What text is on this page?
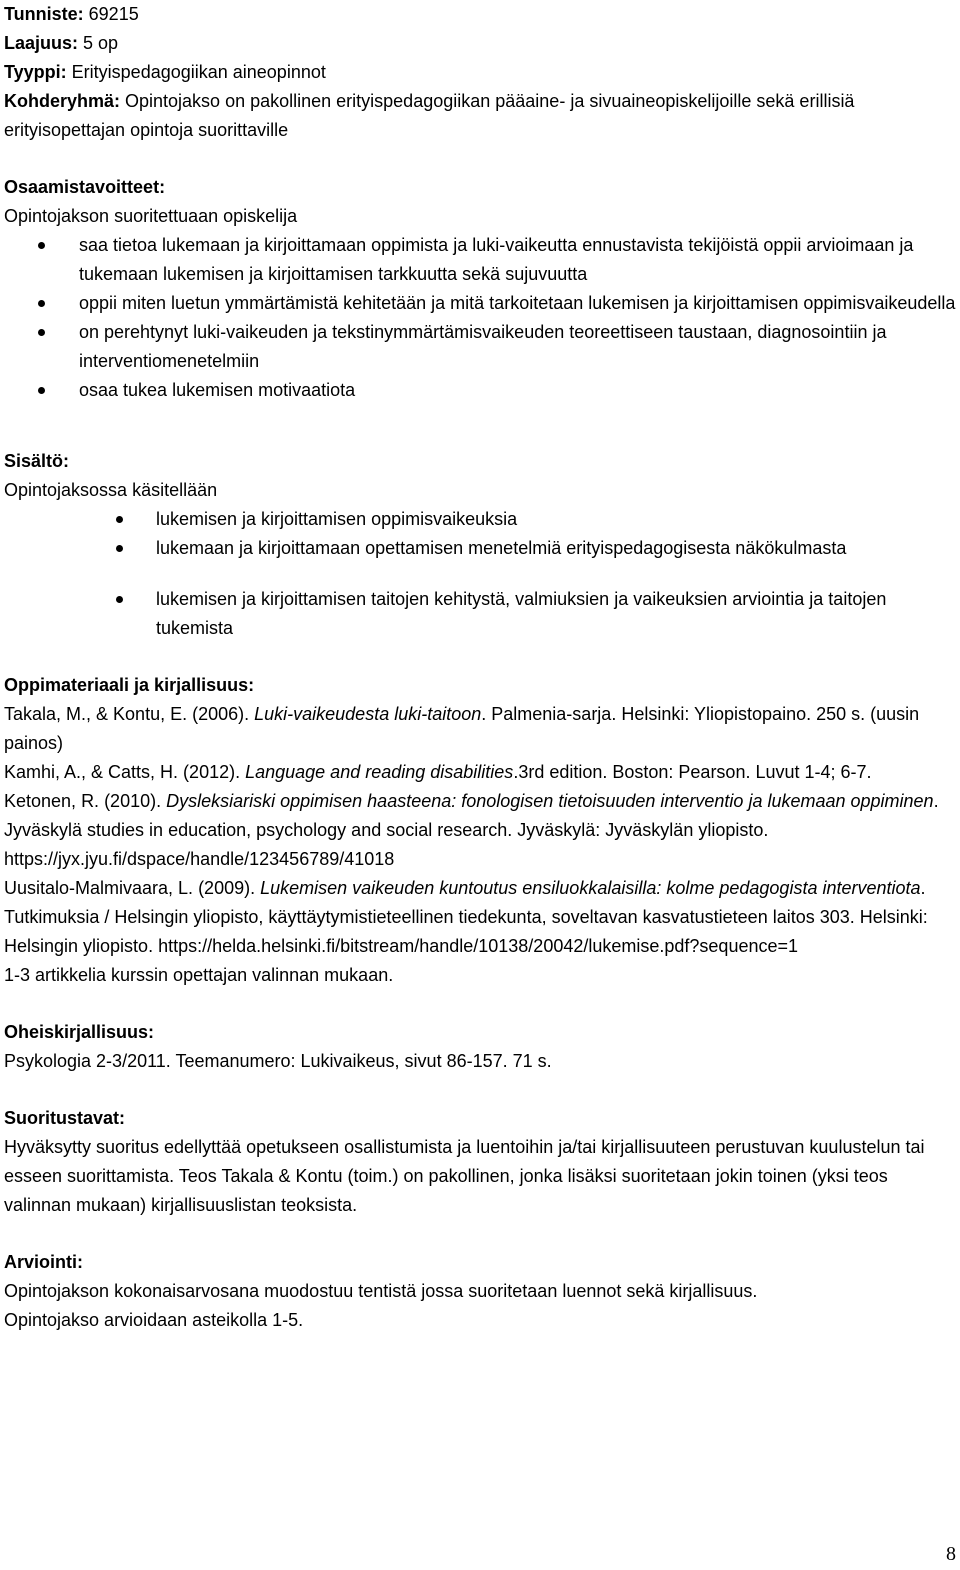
Tunniste: 69215

Laajuus: 5 op

Tyyppi: Erityispedagogiikan aineopinnot

Kohderyhmä: Opintojakso on pakollinen erityispedagogiikan pääaine- ja sivuaineopiskelijoille sekä erillisiä erityisopettajan opintoja suorittaville

Osaamistavoitteet:

Opintojakson suoritettuaan opiskelija

saa tietoa lukemaan ja kirjoittamaan oppimista ja luki-vaikeutta ennustavista tekijöistä oppii arvioimaan ja tukemaan lukemisen ja kirjoittamisen tarkkuutta sekä sujuvuutta
oppii miten luetun ymmärtämistä kehitetään ja mitä tarkoitetaan lukemisen ja kirjoittamisen oppimisvaikeudella
on perehtynyt luki-vaikeuden ja tekstinymmärtämisvaikeuden teoreettiseen taustaan, diagnosointiin ja interventiomenetelmiin
osaa tukea lukemisen motivaatiota

Sisältö:

Opintojaksossa käsitellään

lukemisen ja kirjoittamisen oppimisvaikeuksia
lukemaan ja kirjoittamaan opettamisen menetelmiä erityispedagogisesta näkökulmasta
lukemisen ja kirjoittamisen taitojen kehitystä, valmiuksien ja vaikeuksien arviointia ja taitojen tukemista

Oppimateriaali ja kirjallisuus:

Takala, M., & Kontu, E. (2006). Luki-vaikeudesta luki-taitoon. Palmenia-sarja. Helsinki: Yliopistopaino. 250 s. (uusin painos)

Kamhi, A., & Catts, H. (2012). Language and reading disabilities.3rd edition. Boston: Pearson. Luvut 1-4; 6-7.

Ketonen, R. (2010). Dysleksiariski oppimisen haasteena: fonologisen tietoisuuden interventio ja lukemaan oppiminen. Jyväskylä studies in education, psychology and social research. Jyväskylä: Jyväskylän yliopisto. https://jyx.jyu.fi/dspace/handle/123456789/41018

Uusitalo-Malmivaara, L. (2009). Lukemisen vaikeuden kuntoutus ensiluokkalaisilla: kolme pedagogista interventiota. Tutkimuksia / Helsingin yliopisto, käyttäytymistieteellinen tiedekunta, soveltavan kasvatustieteen laitos 303. Helsinki: Helsingin yliopisto. https://helda.helsinki.fi/bitstream/handle/10138/20042/lukemise.pdf?sequence=1

1-3 artikkelia kurssin opettajan valinnan mukaan.

Oheiskirjallisuus:

Psykologia 2-3/2011. Teemanumero: Lukivaikeus, sivut 86-157. 71 s.

Suoritustavat:

Hyväksytty suoritus edellyttää opetukseen osallistumista ja luentoihin ja/tai kirjallisuuteen perustuvan kuulustelun tai esseen suorittamista. Teos Takala & Kontu (toim.) on pakollinen, jonka lisäksi suoritetaan jokin toinen (yksi teos valinnan mukaan) kirjallisuuslistan teoksista.

Arviointi:

Opintojakson kokonaisarvosana muodostuu tentistä jossa suoritetaan luennot sekä kirjallisuus.

Opintojakso arvioidaan asteikolla 1-5.

8
